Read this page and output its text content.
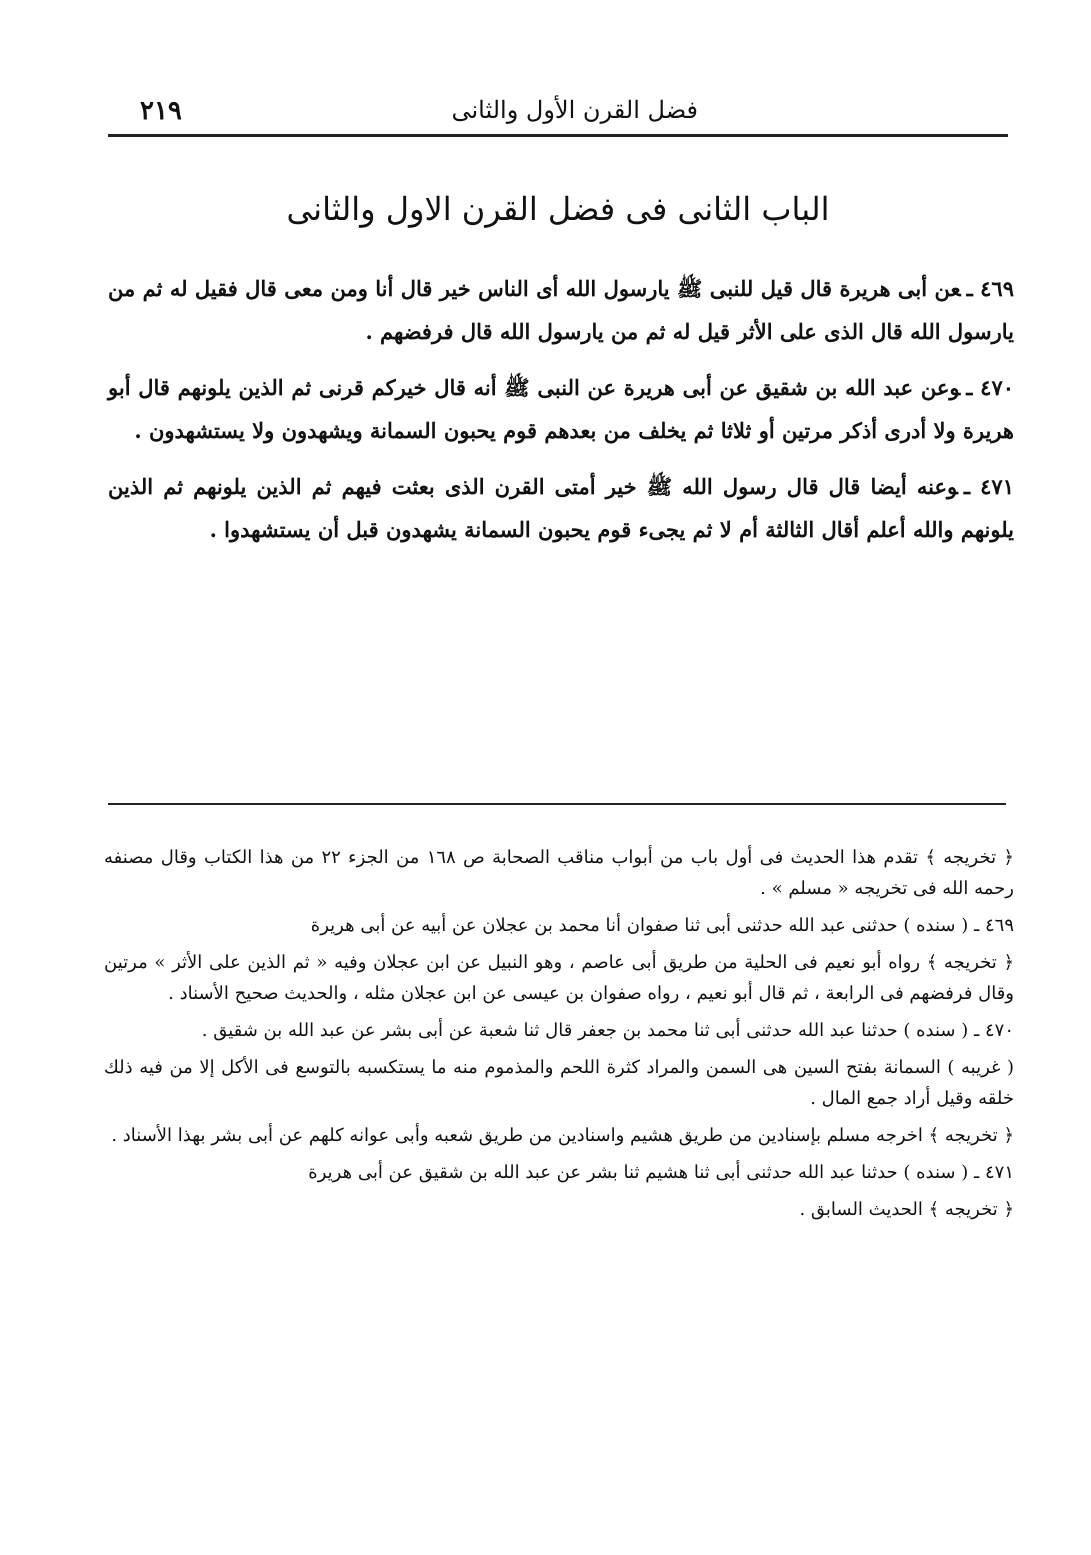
٢١٩	فضل القرن الأول والثانى
الباب الثانى فى فضل القرن الاول والثانى

٤٦٩ ـعن أبى هريرة قال قيل للنبى ﷺ يارسول الله أى الناس خير قال أنا ومن معى قال فقيل له ثم من يارسول الله قال الذى على الأثر قيل له ثم من يارسول الله قال فرفضهم .

٤٧٠ ـوعن عبد الله بن شقيق عن أبى هريرة عن النبى ﷺ أنه قال خيركم قرنى ثم الذين يلونهم قال أبو هريرة ولا أدرى أذكر مرتين أو ثلاثا ثم يخلف من بعدهم قوم يحبون السمانة ويشهدون ولا يستشهدون .

٤٧١ ـوعنه أيضا قال قال رسول الله ﷺ خير أمتى القرن الذى بعثت فيهم ثم الذين يلونهم ثم الذين يلونهم والله أعلم أقال الثالثة أم لا ثم يجىء قوم يحبون السمانة يشهدون قبل أن يستشهدوا .

﴿ تخريجه ﴾ تقدم هذا الحديث فى أول باب من أبواب مناقب الصحابة ص ١٦٨ من الجزء ٢٢ من هذا الكتاب وقال مصنفه رحمه الله فى تخريجه « مسلم » .

٤٦٩ ـ ( سنده ) حدثنى عبد الله حدثنى أبى ثنا صفوان أنا محمد بن عجلان عن أبيه عن أبى هريرة

﴿ تخريجه ﴾ رواه أبو نعيم فى الحلية من طريق أبى عاصم ، وهو النبيل عن ابن عجلان وفيه « ثم الذين على الأثر » مرتين وقال فرفضهم فى الرابعة ، ثم قال أبو نعيم ، رواه صفوان بن عيسى عن ابن عجلان مثله ، والحديث صحيح الأسناد .

٤٧٠ ـ ( سنده ) حدثنا عبد الله حدثنى أبى ثنا محمد بن جعفر قال ثنا شعبة عن أبى بشر عن عبد الله بن شقيق .

( غريبه ) السمانة بفتح السين هى السمن والمراد كثرة اللحم والمذموم منه ما يستكسبه بالتوسع فى الأكل إلا من فيه ذلك خلقه وقيل أراد جمع المال .

﴿ تخريجه ﴾ اخرجه مسلم بإسنادين من طريق هشيم واسنادين من طريق شعبه وأبى عوانه كلهم عن أبى بشر بهذا الأسناد .

٤٧١ ـ ( سنده ) حدثنا عبد الله حدثنى أبى ثنا هشيم ثنا بشر عن عبد الله بن شقيق عن أبى هريرة

﴿ تخريجه ﴾ الحديث السابق .
